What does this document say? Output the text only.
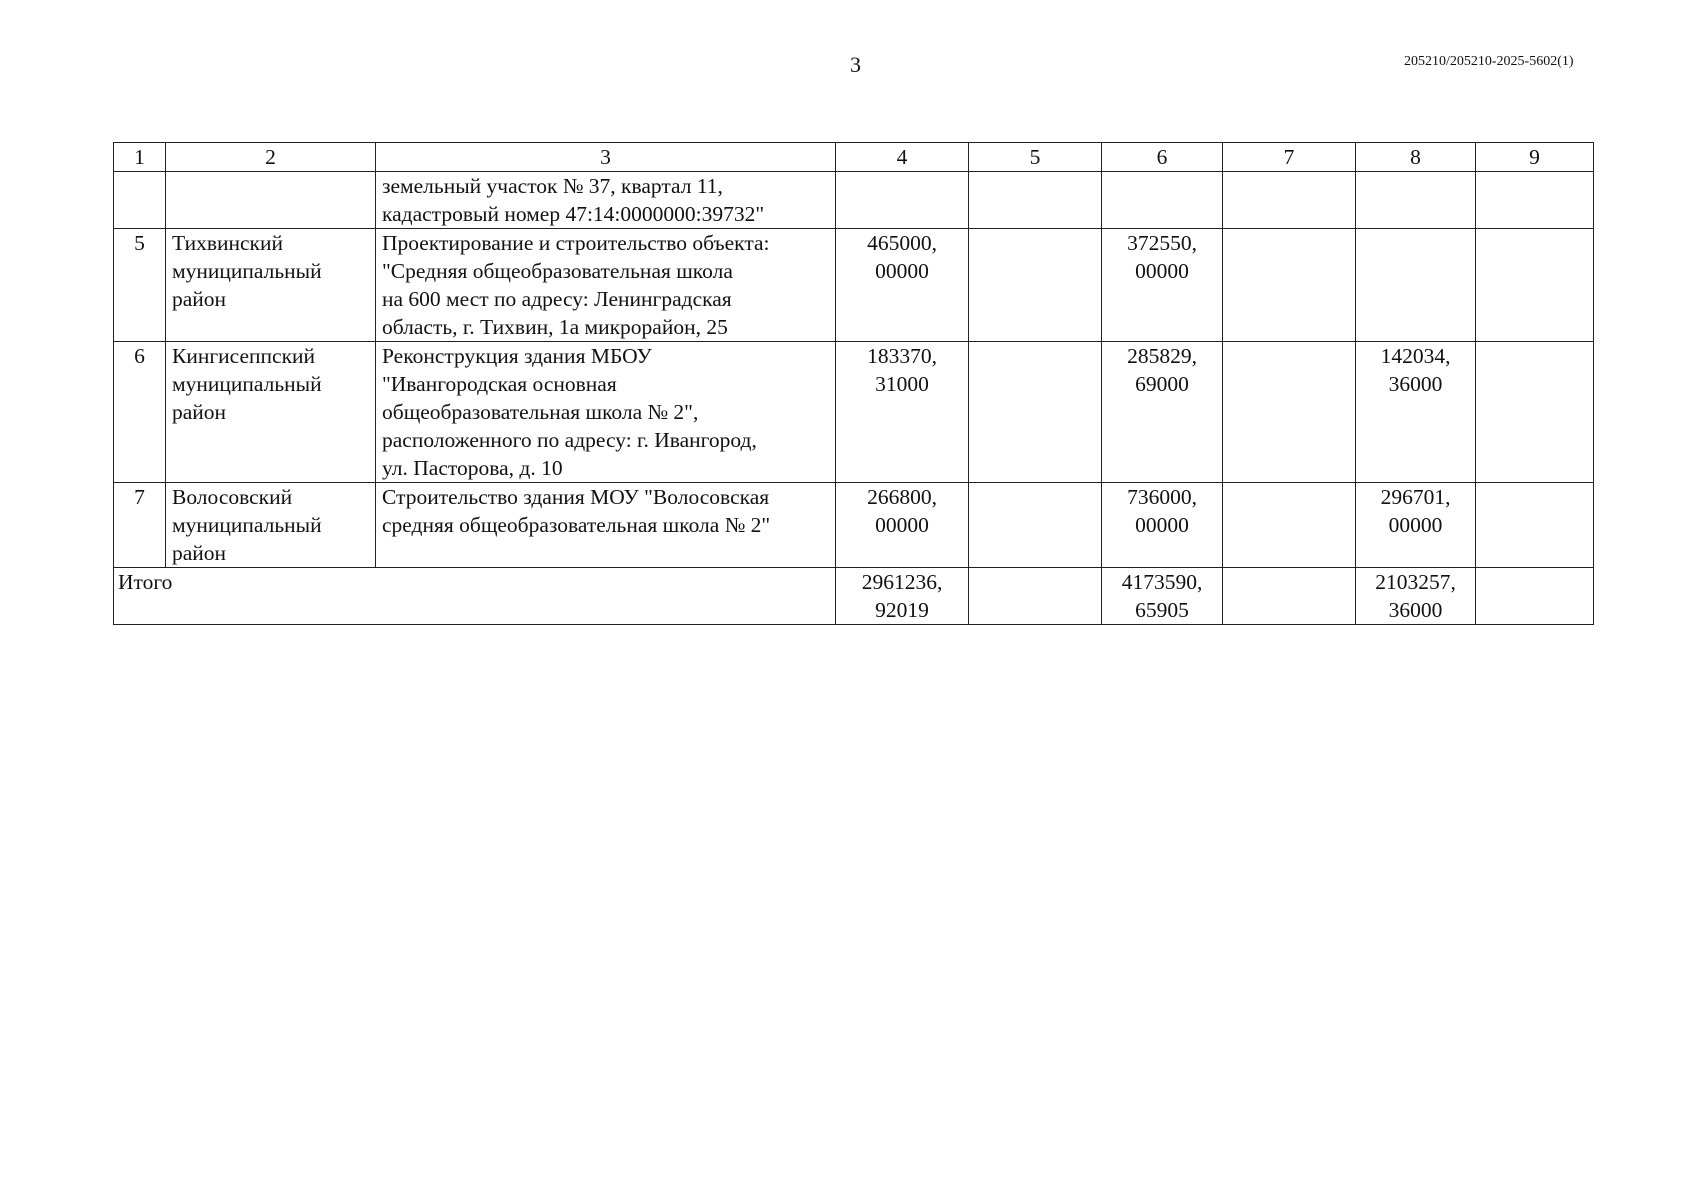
3	205210/205210-2025-5602(1)
1	2	3	4	5	6	7	8	9

		земельный участок № 37, квартал 11,
кадастровый номер 47:14:0000000:39732"						

5	Тихвинский
муниципальный
район	Проектирование и строительство объекта:
"Средняя общеобразовательная школа
на 600 мест по адресу: Ленинградская
область, г. Тихвин, 1а микрорайон, 25	465000,
00000		372550,
00000			

6	Кингисеппский
муниципальный
район	Реконструкция здания МБОУ
"Ивангородская основная
общеобразовательная школа № 2",
расположенного по адресу: г. Ивангород,
ул. Пасторова, д. 10	183370,
31000		285829,
69000		142034,
36000	

7	Волосовский
муниципальный
район	Строительство здания МОУ "Волосовская
средняя общеобразовательная школа № 2"	266800,
00000		736000,
00000		296701,
00000	

Итого			2961236,
92019		4173590,
65905		2103257,
36000	
